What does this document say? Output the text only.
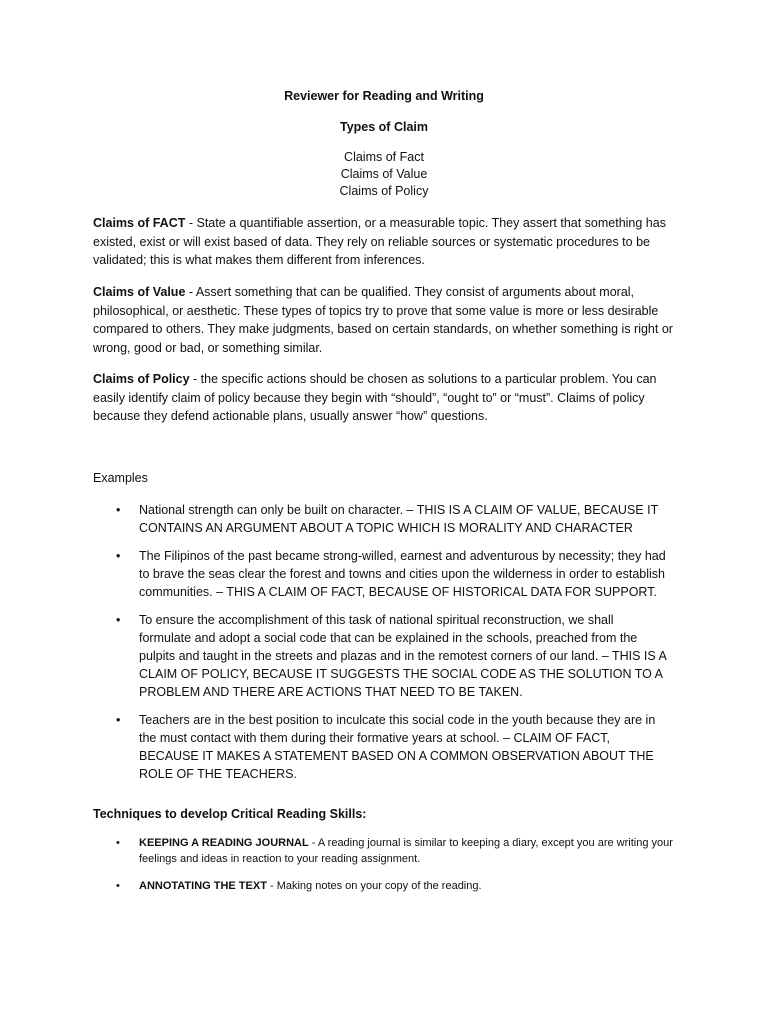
Reviewer for Reading and Writing
Types of Claim
Claims of Fact
Claims of Value
Claims of Policy

Claims of FACT - State a quantifiable assertion, or a measurable topic. They assert that something has existed, exist or will exist based of data. They rely on reliable sources or systematic procedures to be validated; this is what makes them different from inferences.

Claims of Value - Assert something that can be qualified. They consist of arguments about moral, philosophical, or aesthetic. These types of topics try to prove that some value is more or less desirable compared to others. They make judgments, based on certain standards, on whether something is right or wrong, good or bad, or something similar.

Claims of Policy - the specific actions should be chosen as solutions to a particular problem. You can easily identify claim of policy because they begin with “should”, “ought to” or “must”. Claims of policy because they defend actionable plans, usually answer “how” questions.

Examples
• National strength can only be built on character. – THIS IS A CLAIM OF VALUE, BECAUSE IT CONTAINS AN ARGUMENT ABOUT A TOPIC WHICH IS MORALITY AND CHARACTER
• The Filipinos of the past became strong-willed, earnest and adventurous by necessity; they had to brave the seas clear the forest and towns and cities upon the wilderness in order to establish communities. – THIS A CLAIM OF FACT, BECAUSE OF HISTORICAL DATA FOR SUPPORT.
• To ensure the accomplishment of this task of national spiritual reconstruction, we shall formulate and adopt a social code that can be explained in the schools, preached from the pulpits and taught in the streets and plazas and in the remotest corners of our land. – THIS IS A CLAIM OF POLICY, BECAUSE IT SUGGESTS THE SOCIAL CODE AS THE SOLUTION TO A PROBLEM AND THERE ARE ACTIONS THAT NEED TO BE TAKEN.
• Teachers are in the best position to inculcate this social code in the youth because they are in the must contact with them during their formative years at school. – CLAIM OF FACT, BECAUSE IT MAKES A STATEMENT BASED ON A COMMON OBSERVATION ABOUT THE ROLE OF THE TEACHERS.
Techniques to develop Critical Reading Skills:
• KEEPING A READING JOURNAL - A reading journal is similar to keeping a diary, except you are writing your feelings and ideas in reaction to your reading assignment.
• ANNOTATING THE TEXT - Making notes on your copy of the reading.
